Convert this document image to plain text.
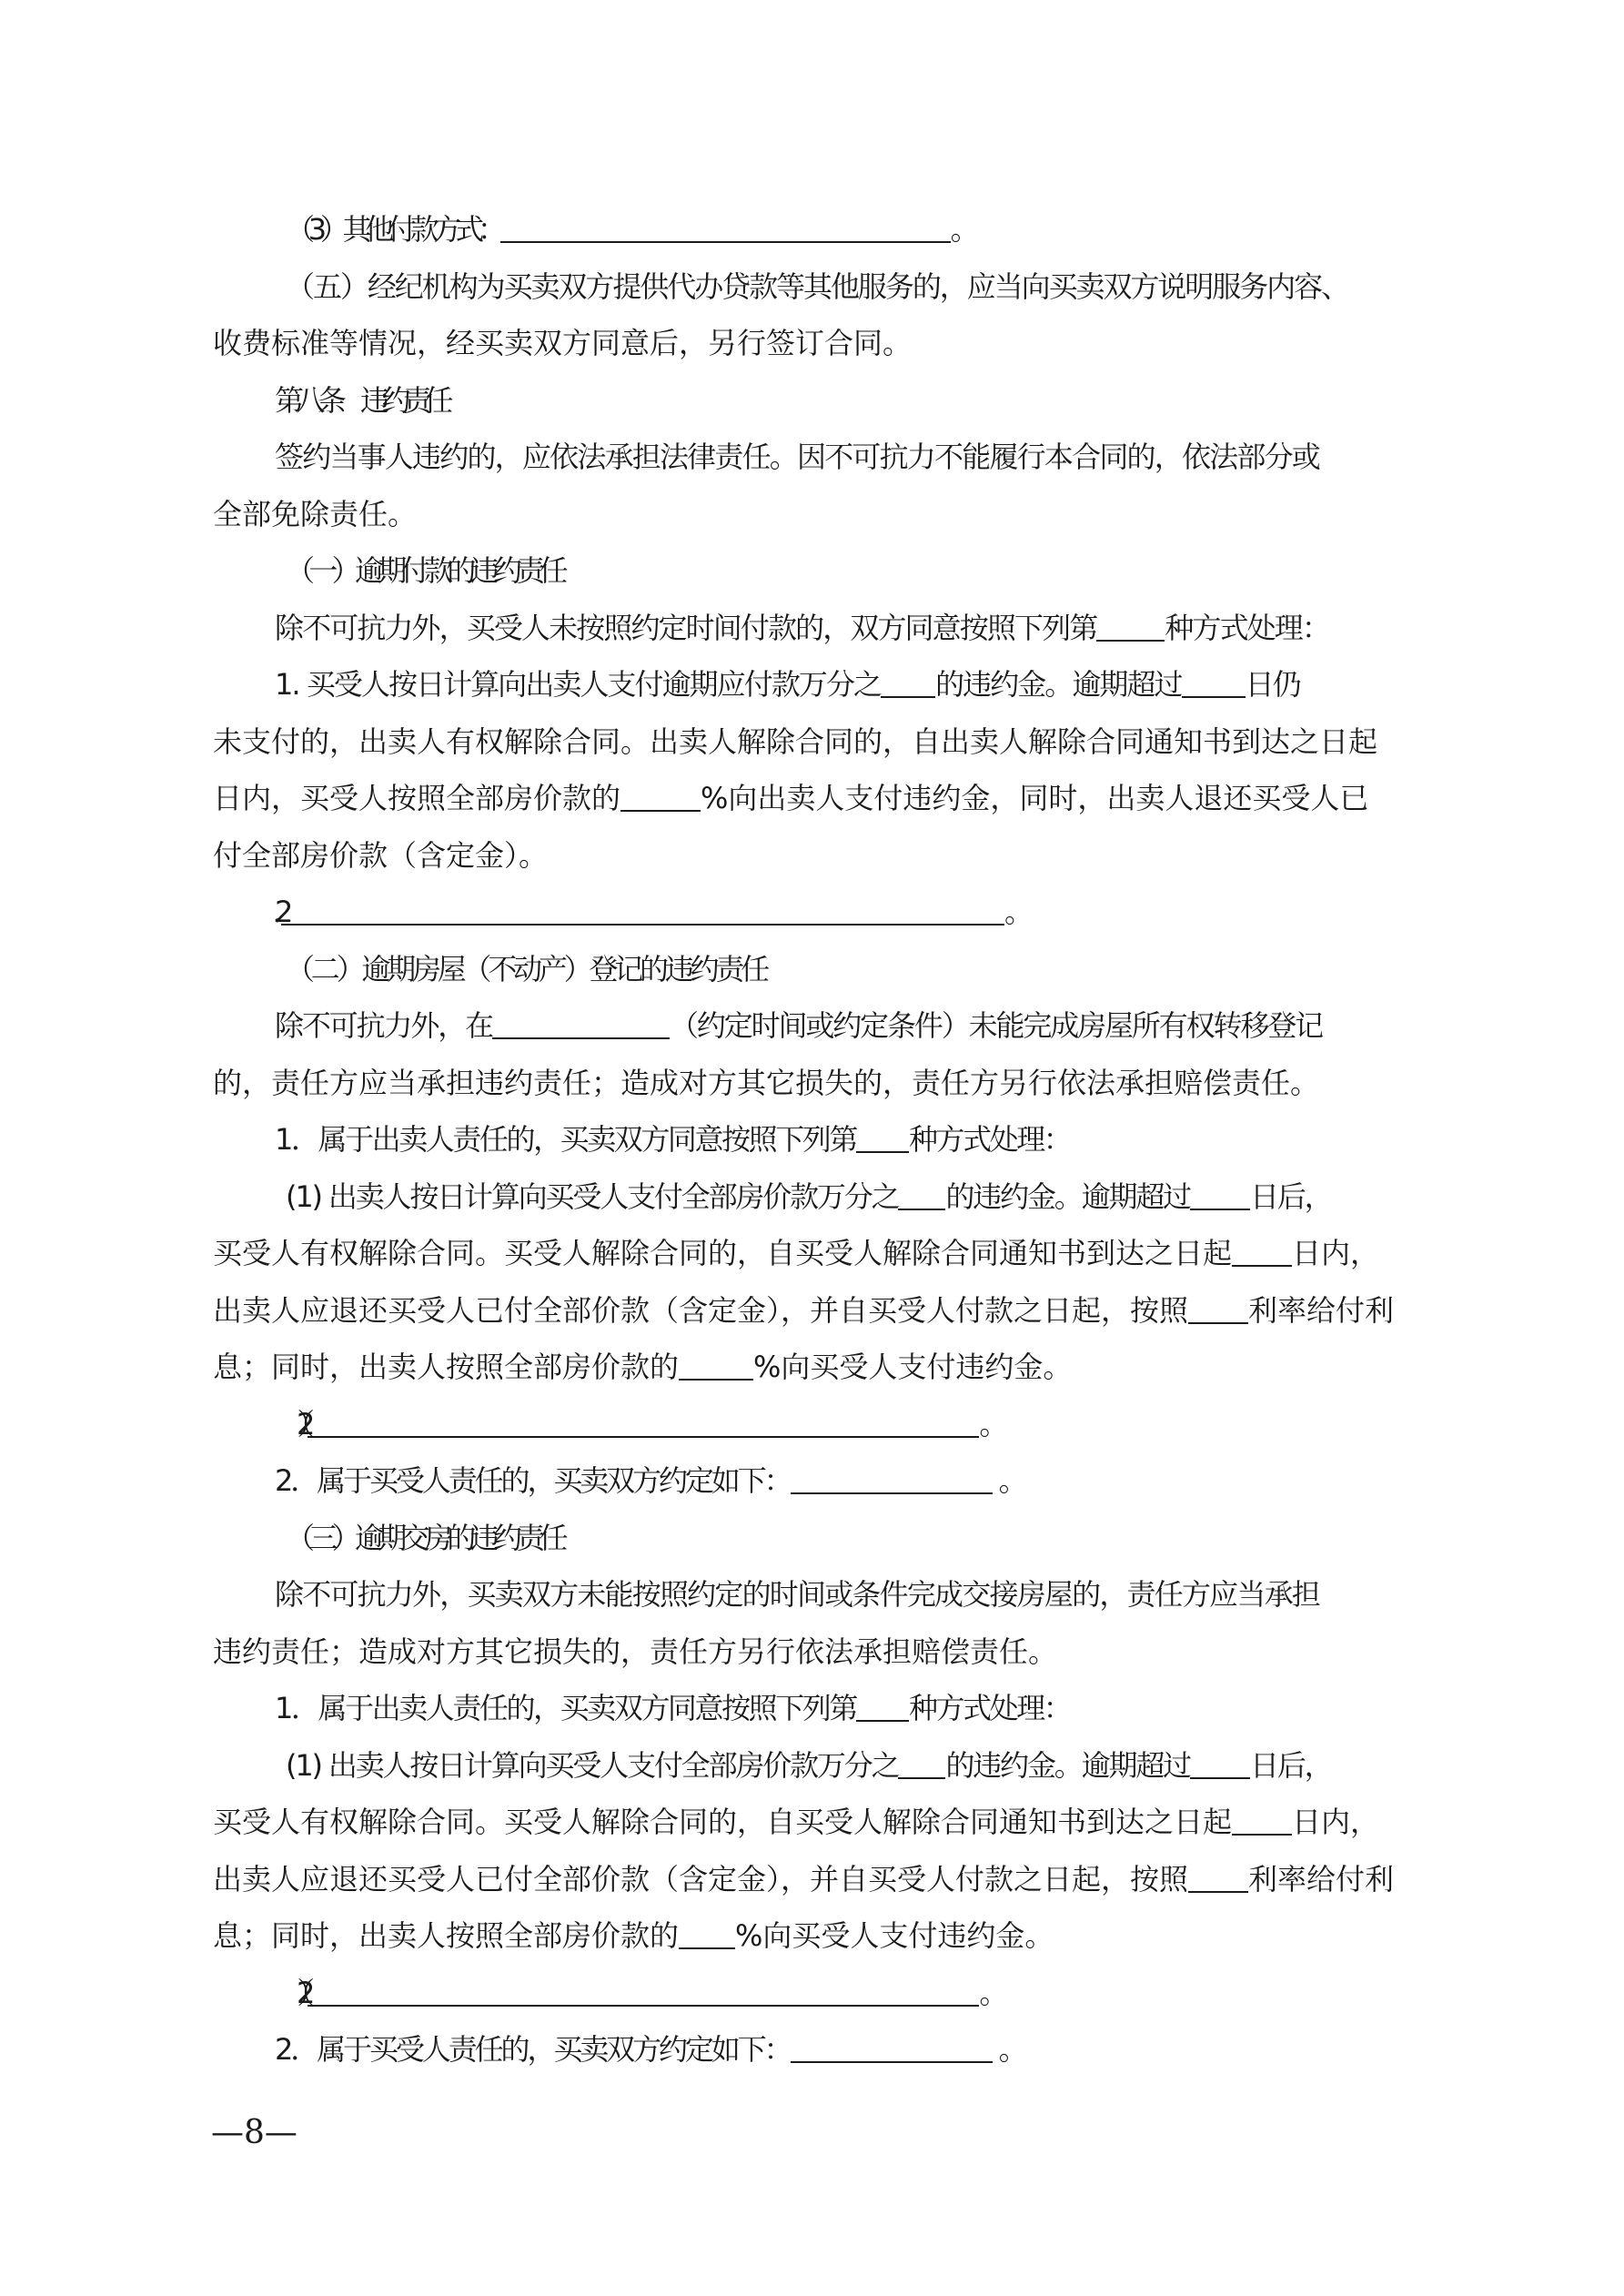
—8—
（3）其他付款方式：	。
（五）经纪机构为买卖双方提供代办贷款等其他服务的，应当向买卖双方说明服务内容、
收费标准等情况，经买卖双方同意后，另行签订合同。
第八条　违约责任
签约当事人违约的，应依法承担法律责任。因不可抗力不能履行本合同的，依法部分或
全部免除责任。
（一）逾期付款的违约责任
除不可抗力外，买受人未按照约定时间付款的，双方同意按照下列第 种方式处理：
1. 买受人按日计算向出卖人支付逾期应付款万分之 的违约金。逾期超过 日仍
未支付的，出卖人有权解除合同。出卖人解除合同的，自出卖人解除合同通知书到达之日起
日内，买受人按照全部房价款的	%向出卖人支付违约金，同时，出卖人退还买受人已
付全部房价款（含定金）。
2．	。
（二）逾期房屋（不动产）登记的违约责任
除不可抗力外，在	（约定时间或约定条件）未能完成房屋所有权转移登记
的，责任方应当承担违约责任；造成对方其它损失的，责任方另行依法承担赔偿责任。
1．属于出卖人责任的，买卖双方同意按照下列第 种方式处理：
(1) 出卖人按日计算向买受人支付全部房价款万分之 的违约金。逾期超过 日后，
买受人有权解除合同。买受人解除合同的，自买受人解除合同通知书到达之日起 日内，
出卖人应退还买受人已付全部价款（含定金），并自买受人付款之日起，按照 利率给付利
息；同时，出卖人按照全部房价款的	%向买受人支付违约金。
（2）	。
2．属于买受人责任的，买卖双方约定如下：	。
（三）逾期交房的违约责任
除不可抗力外，买卖双方未能按照约定的时间或条件完成交接房屋的，责任方应当承担
违约责任；造成对方其它损失的，责任方另行依法承担赔偿责任。
1．属于出卖人责任的，买卖双方同意按照下列第 种方式处理：
(1) 出卖人按日计算向买受人支付全部房价款万分之 的违约金。逾期超过 日后，
买受人有权解除合同。买受人解除合同的，自买受人解除合同通知书到达之日起 日内，
出卖人应退还买受人已付全部价款（含定金），并自买受人付款之日起，按照 利率给付利
息；同时，出卖人按照全部房价款的 %向买受人支付违约金。
（2）	。
2．属于买受人责任的，买卖双方约定如下：	。
